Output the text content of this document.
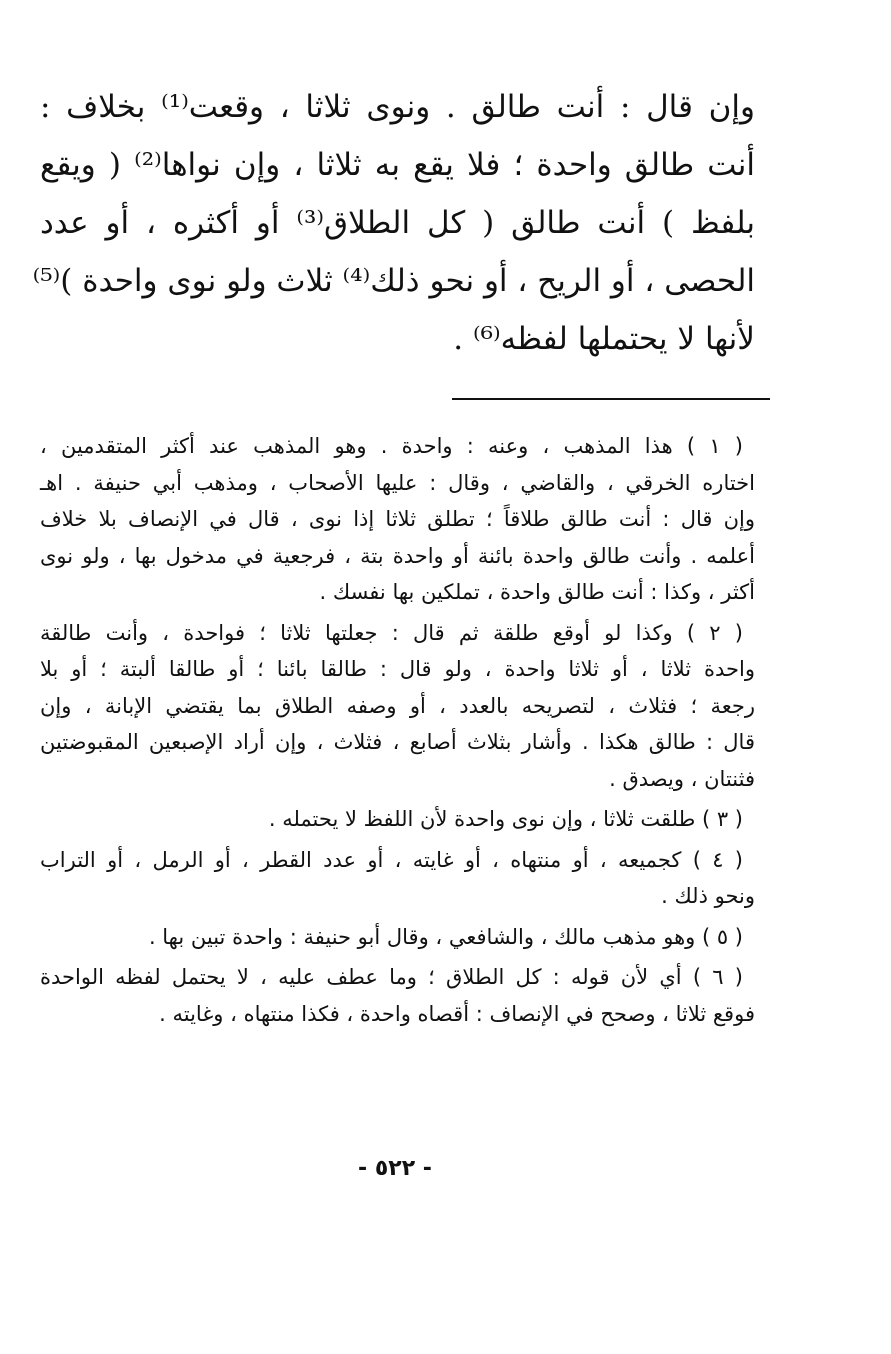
وإن قال : أنت طالق . ونوى ثلاثا ، وقعت⁽¹⁾ بخلاف :
أنت طالق واحدة ؛ فلا يقع به ثلاثا ، وإن نواها⁽²⁾ ( ويقع
بلفظ ) أنت طالق ( كل الطلاق⁽³⁾ أو أكثره ، أو عدد
الحصى ، أو الريح ، أو نحو ذلك⁽⁴⁾ ثلاث ولو نوى واحدة )⁽⁵⁾
لأنها لا يحتملها لفظه⁽⁶⁾ .
( ١ ) هذا المذهب ، وعنه : واحدة . وهو المذهب عند أكثر المتقدمين ،
اختاره الخرقي ، والقاضي ، وقال : عليها الأصحاب ، ومذهب أبي حنيفة . اهـ
وإن قال : أنت طالق طلاقاً ؛ تطلق ثلاثا إذا نوى ، قال في الإنصاف بلا خلاف
أعلمه . وأنت طالق واحدة بائنة أو واحدة بتة ، فرجعية في مدخول بها ، ولو نوى
أكثر ، وكذا : أنت طالق واحدة ، تملكين بها نفسك .
( ٢ ) وكذا لو أوقع طلقة ثم قال : جعلتها ثلاثا ؛ فواحدة ، وأنت طالقة
واحدة ثلاثا ، أو ثلاثا واحدة ، ولو قال : طالقا بائنا ؛ أو طالقا ألبتة ؛ أو بلا
رجعة ؛ فثلاث ، لتصريحه بالعدد ، أو وصفه الطلاق بما يقتضي الإبانة ، وإن
قال : طالق هكذا . وأشار بثلاث أصابع ، فثلاث ، وإن أراد الإصبعين المقبوضتين
فثنتان ، ويصدق .
( ٣ ) طلقت ثلاثا ، وإن نوى واحدة لأن اللفظ لا يحتمله .
( ٤ ) كجميعه ، أو منتهاه ، أو غايته ، أو عدد القطر ، أو الرمل ، أو التراب
ونحو ذلك .
( ٥ ) وهو مذهب مالك ، والشافعي ، وقال أبو حنيفة : واحدة تبين بها .
( ٦ ) أي لأن قوله : كل الطلاق ؛ وما عطف عليه ، لا يحتمل لفظه الواحدة
فوقع ثلاثا ، وصحح في الإنصاف : أقصاه واحدة ، فكذا منتهاه ، وغايته .
- ٥٢٢ -
